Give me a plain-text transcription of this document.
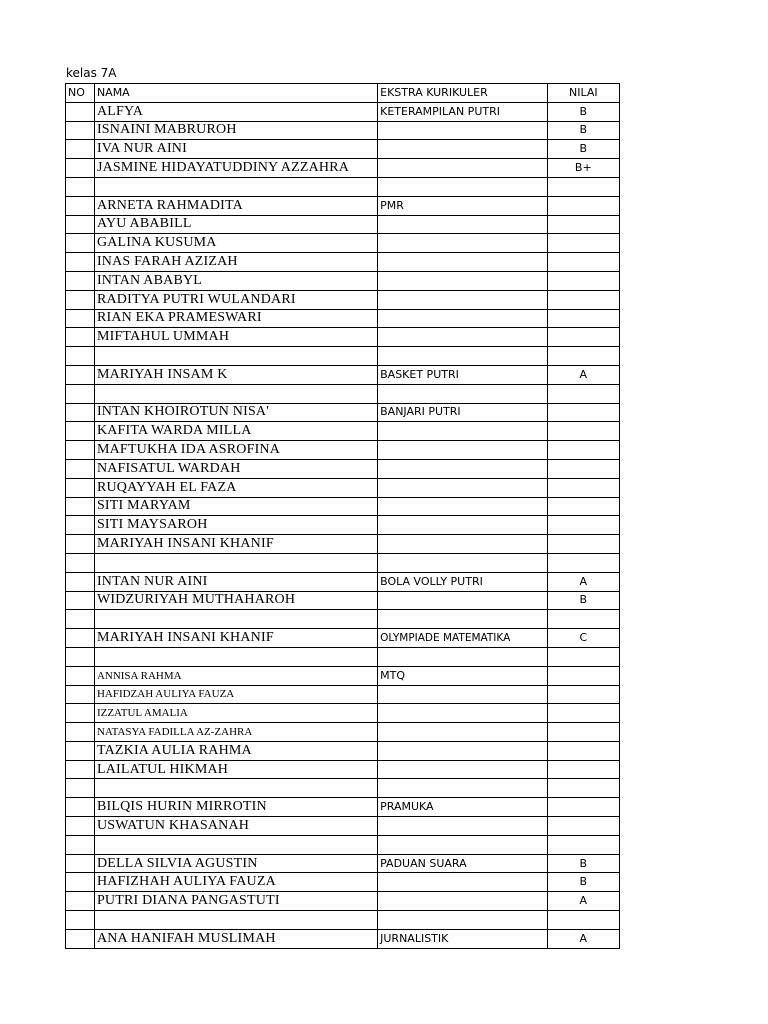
kelas 7A
NO	NAMA	EKSTRA KURIKULER	NILAI
	ALFYA	KETERAMPILAN PUTRI	B
	ISNAINI MABRUROH		B
	IVA NUR AINI		B
	JASMINE HIDAYATUDDINY AZZAHRA		B+

	ARNETA RAHMADITA	PMR	
	AYU ABABILL		
	GALINA KUSUMA		
	INAS FARAH AZIZAH		
	INTAN ABABYL		
	RADITYA PUTRI WULANDARI		
	RIAN EKA PRAMESWARI		
	MIFTAHUL UMMAH		

	MARIYAH INSAM K	BASKET PUTRI	A

	INTAN KHOIROTUN NISA'	BANJARI PUTRI	
	KAFITA WARDA MILLA		
	MAFTUKHA IDA ASROFINA		
	NAFISATUL WARDAH		
	RUQAYYAH EL FAZA		
	SITI MARYAM		
	SITI MAYSAROH		
	MARIYAH INSANI KHANIF		

	INTAN NUR AINI	BOLA VOLLY PUTRI	A
	WIDZURIYAH MUTHAHAROH		B

	MARIYAH INSANI KHANIF	OLYMPIADE MATEMATIKA	C

	ANNISA RAHMA	MTQ	
	HAFIDZAH AULIYA FAUZA		
	IZZATUL AMALIA		
	NATASYA FADILLA AZ-ZAHRA		
	TAZKIA AULIA RAHMA		
	LAILATUL HIKMAH		

	BILQIS HURIN MIRROTIN	PRAMUKA	
	USWATUN KHASANAH		

	DELLA SILVIA AGUSTIN	PADUAN SUARA	B
	HAFIZHAH AULIYA FAUZA		B
	PUTRI DIANA PANGASTUTI		A

	ANA HANIFAH MUSLIMAH	JURNALISTIK	A
